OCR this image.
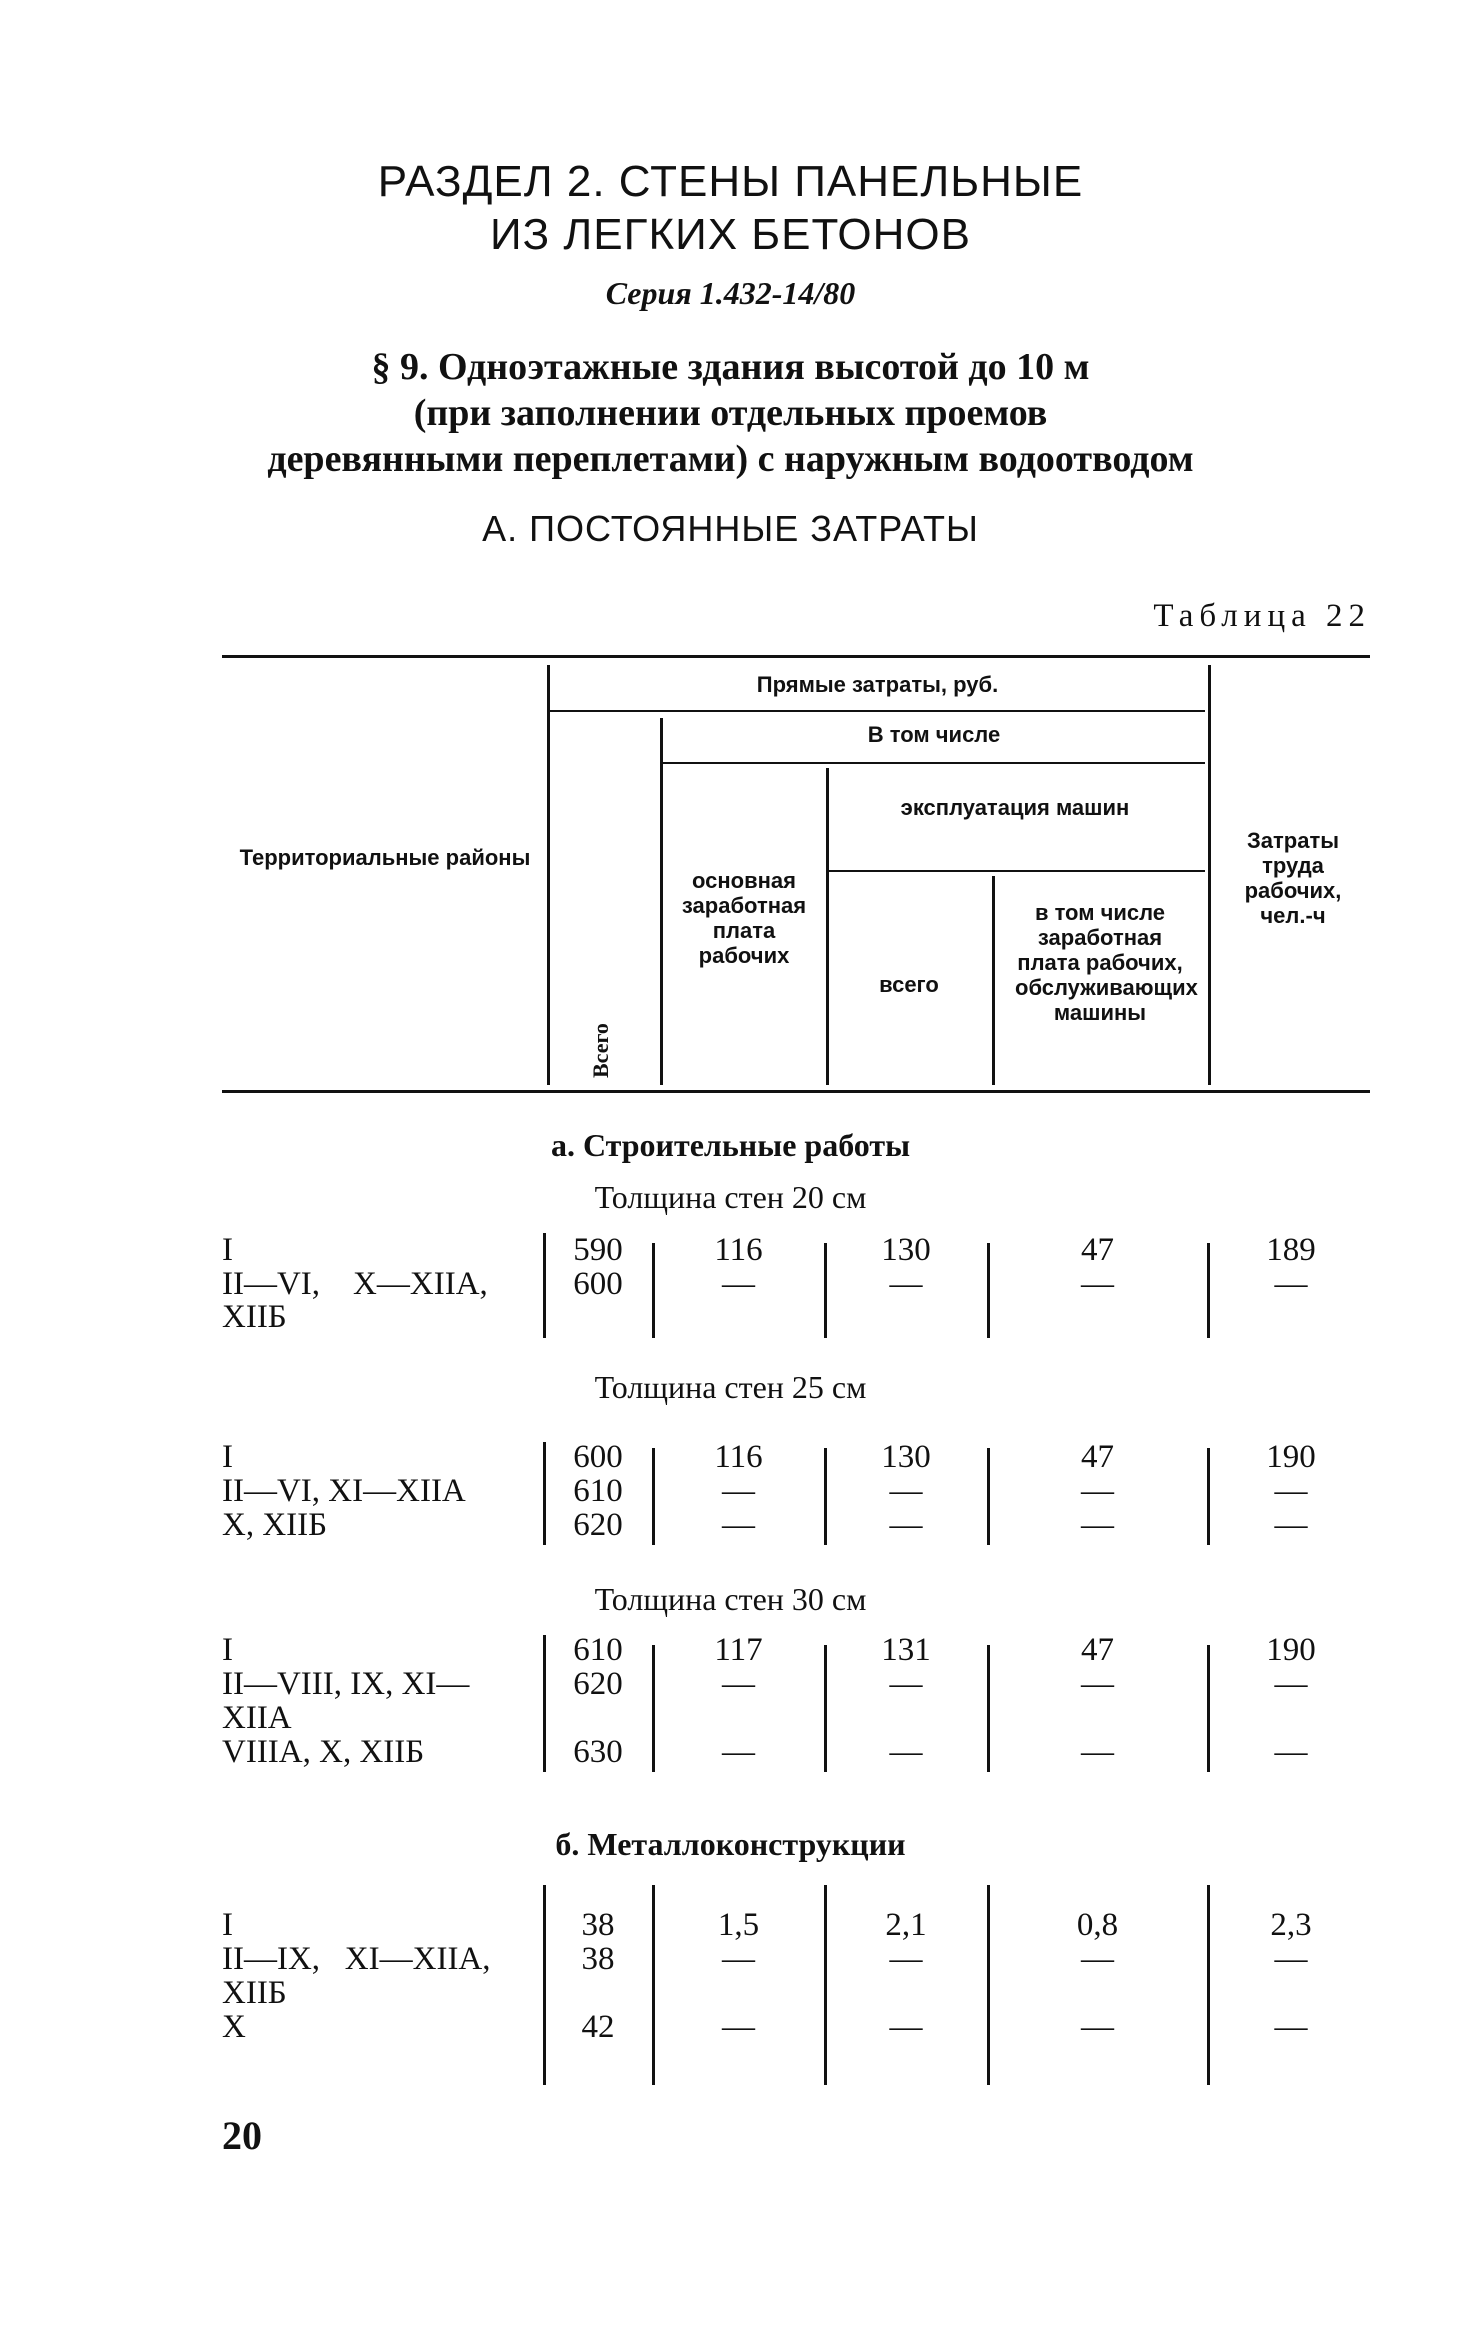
РАЗДЕЛ 2. СТЕНЫ ПАНЕЛЬНЫЕ
ИЗ ЛЕГКИХ БЕТОНОВ
Серия 1.432-14/80
§ 9. Одноэтажные здания высотой до 10 м
(при заполнении отдельных проемов
деревянными переплетами) с наружным водоотводом
А. ПОСТОЯННЫЕ ЗАТРАТЫ
Таблица 22
Территориальные районы
Прямые затраты, руб.
Всего
В том числе
основная заработная плата рабочих
эксплуатация машин
всего
в том числе заработная плата рабочих, обслуживающих машины
Затраты труда рабочих, чел.-ч
а. Строительные работы
Толщина стен 20 см
I	590	116	130	47	189
II—VI,    X—XIIA,	600	—	—	—	—
XIIБ
Толщина стен 25 см
I	600	116	130	47	190
II—VI, XI—XIIA	610	—	—	—	—
X, XIIБ	620	—	—	—	—
Толщина стен 30 см
I	610	117	131	47	190
II—VIII, IX, XI—	620	—	—	—	—
XIIA
VIIIA, X, XIIБ	630	—	—	—	—
б. Металлоконструкции
I	38	1,5	2,1	0,8	2,3
II—IX,   XI—XIIA,	38	—	—	—	—
XIIБ
X	42	—	—	—	—
20
